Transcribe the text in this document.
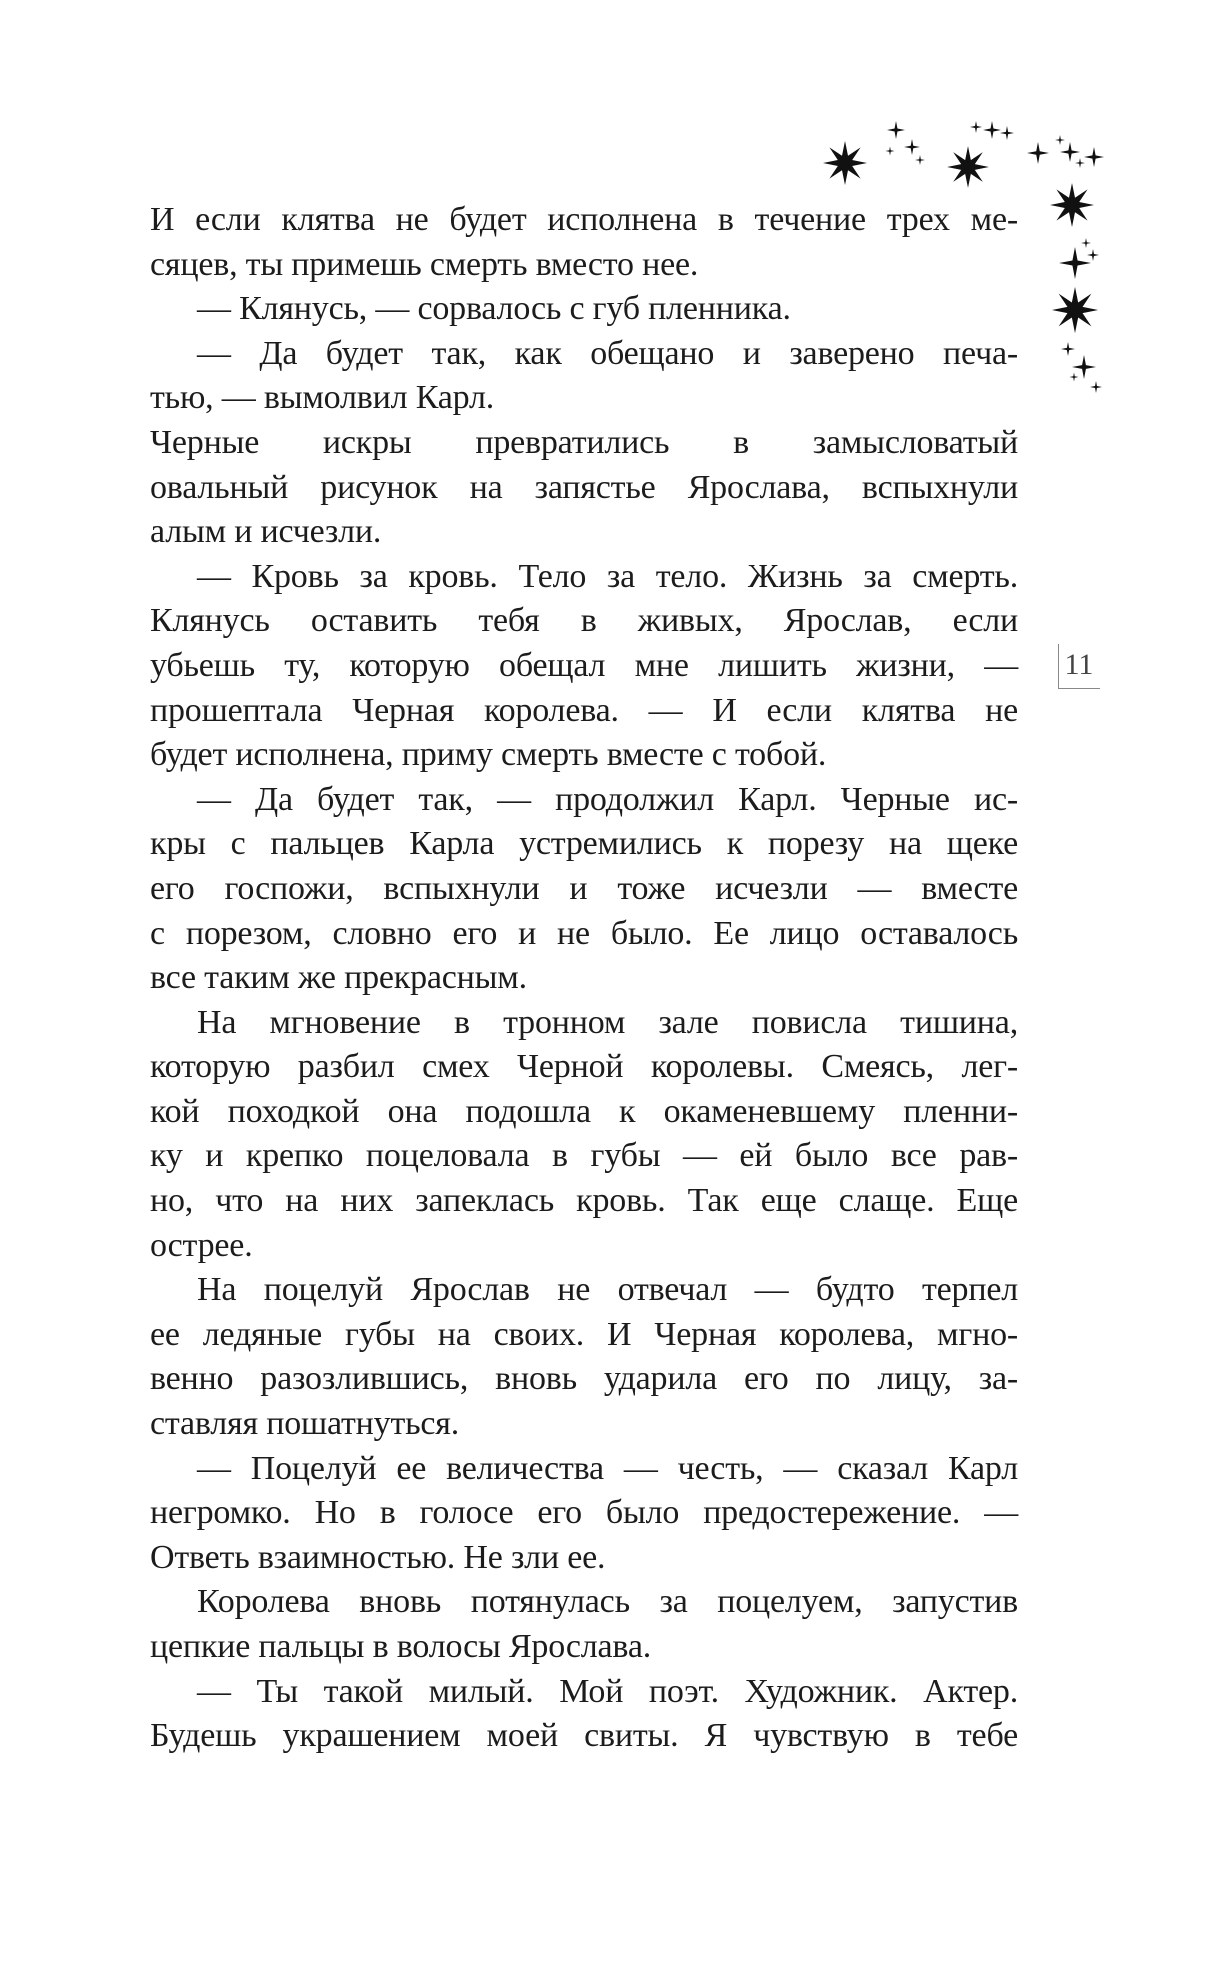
И если клятва не будет исполнена в течение трех ме-
сяцев, ты примешь смерть вместо нее.
— Клянусь, — сорвалось с губ пленника.
— Да будет так, как обещано и заверено печа-
тью, — вымолвил Карл.
Черные искры превратились в замысловатый
овальный рисунок на запястье Ярослава, вспыхнули
алым и исчезли.
— Кровь за кровь. Тело за тело. Жизнь за смерть.
Клянусь оставить тебя в живых, Ярослав, если
убьешь ту, которую обещал мне лишить жизни, —
прошептала Черная королева. — И если клятва не
будет исполнена, приму смерть вместе с тобой.
— Да будет так, — продолжил Карл. Черные ис-
кры с пальцев Карла устремились к порезу на щеке
его госпожи, вспыхнули и тоже исчезли — вместе
с порезом, словно его и не было. Ее лицо оставалось
все таким же прекрасным.
На мгновение в тронном зале повисла тишина,
которую разбил смех Черной королевы. Смеясь, лег-
кой походкой она подошла к окаменевшему пленни-
ку и крепко поцеловала в губы — ей было все рав-
но, что на них запеклась кровь. Так еще слаще. Еще
острее.
На поцелуй Ярослав не отвечал — будто терпел
ее ледяные губы на своих. И Черная королева, мгно-
венно разозлившись, вновь ударила его по лицу, за-
ставляя пошатнуться.
— Поцелуй ее величества — честь, — сказал Карл
негромко. Но в голосе его было предостережение. —
Ответь взаимностью. Не зли ее.
Королева вновь потянулась за поцелуем, запустив
цепкие пальцы в волосы Ярослава.
— Ты такой милый. Мой поэт. Художник. Актер.
Будешь украшением моей свиты. Я чувствую в тебе
11
